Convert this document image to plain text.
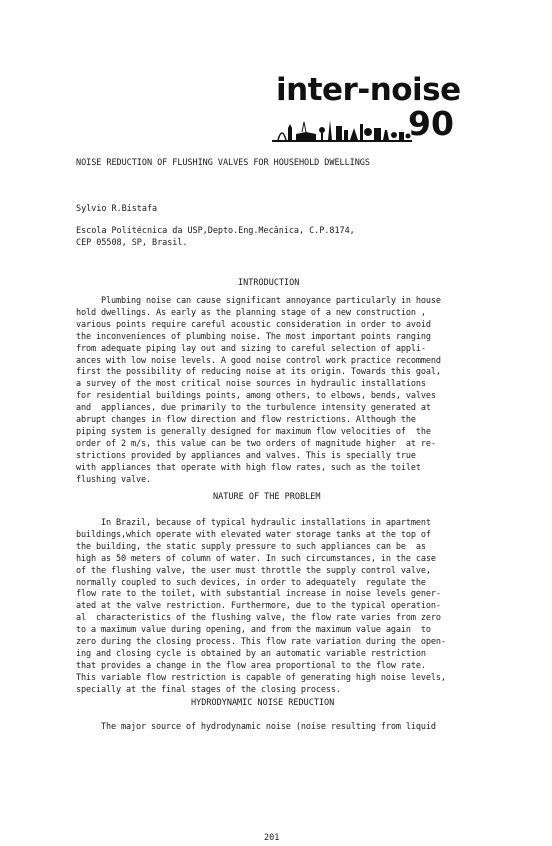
inter-noise
90

NOISE REDUCTION OF FLUSHING VALVES FOR HOUSEHOLD DWELLINGS

Sylvio R.Bistafa

Escola Politécnica da USP,Depto.Eng.Mecânica, C.P.8174,

CEP 05508, SP, Brasil.

INTRODUCTION

Plumbing noise can cause significant annoyance particularly in house
hold dwellings. As early as the planning stage of a new construction ,
various points require careful acoustic consideration in order to avoid
the inconveniences of plumbing noise. The most important points ranging
from adequate piping lay out and sizing to careful selection of appli-
ances with low noise levels. A good noise control work practice recommend
first the possibility of reducing noise at its origin. Towards this goal,
a survey of the most critical noise sources in hydraulic installations
for residential buildings points, among others, to elbows, bends, valves
and  appliances, due primarily to the turbulence intensity generated at
abrupt changes in flow direction and flow restrictions. Although the
piping system is generally designed for maximum flow velocities of  the
order of 2 m/s, this value can be two orders of magnitude higher  at re-
strictions provided by appliances and valves. This is specially true
with appliances that operate with high flow rates, such as the toilet
flushing valve.

NATURE OF THE PROBLEM

In Brazil, because of typical hydraulic installations in apartment
buildings,which operate with elevated water storage tanks at the top of
the building, the static supply pressure to such appliances can be  as
high as 50 meters of column of water. In such circumstances, in the case
of the flushing valve, the user must throttle the supply control valve,
normally coupled to such devices, in order to adequately  regulate the
flow rate to the toilet, with substantial increase in noise levels gener-
ated at the valve restriction. Furthermore, due to the typical operation-
al  characteristics of the flushing valve, the flow rate varies from zero
to a maximum value during opening, and from the maximum value again  to
zero during the closing process. This flow rate variation during the open-
ing and closing cycle is obtained by an automatic variable restriction
that provides a change in the flow area proportional to the flow rate.
This variable flow restriction is capable of generating high noise levels,
specially at the final stages of the closing process.

HYDRODYNAMIC NOISE REDUCTION

The major source of hydrodynamic noise (noise resulting from liquid
201
